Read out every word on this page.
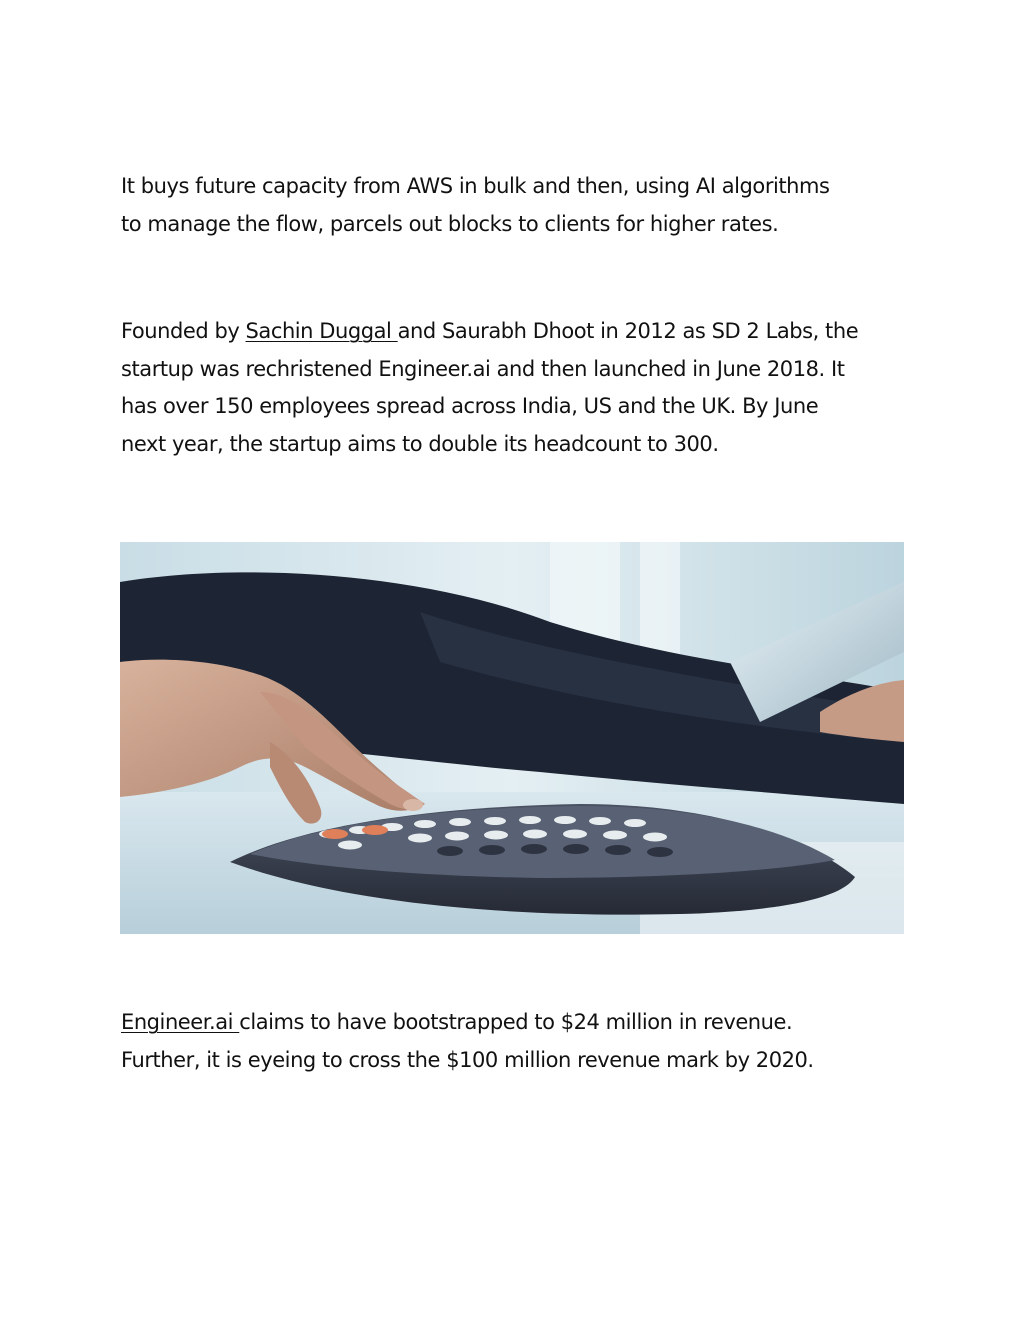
It buys future capacity from AWS in bulk and then, using AI algorithms
to manage the flow, parcels out blocks to clients for higher rates.

Founded by Sachin Duggal and Saurabh Dhoot in 2012 as SD 2 Labs, the
startup was rechristened Engineer.ai and then launched in June 2018. It
has over 150 employees spread across India, US and the UK. By June
next year, the startup aims to double its headcount to 300.

Engineer.ai claims to have bootstrapped to $24 million in revenue.
Further, it is eyeing to cross the $100 million revenue mark by 2020.
